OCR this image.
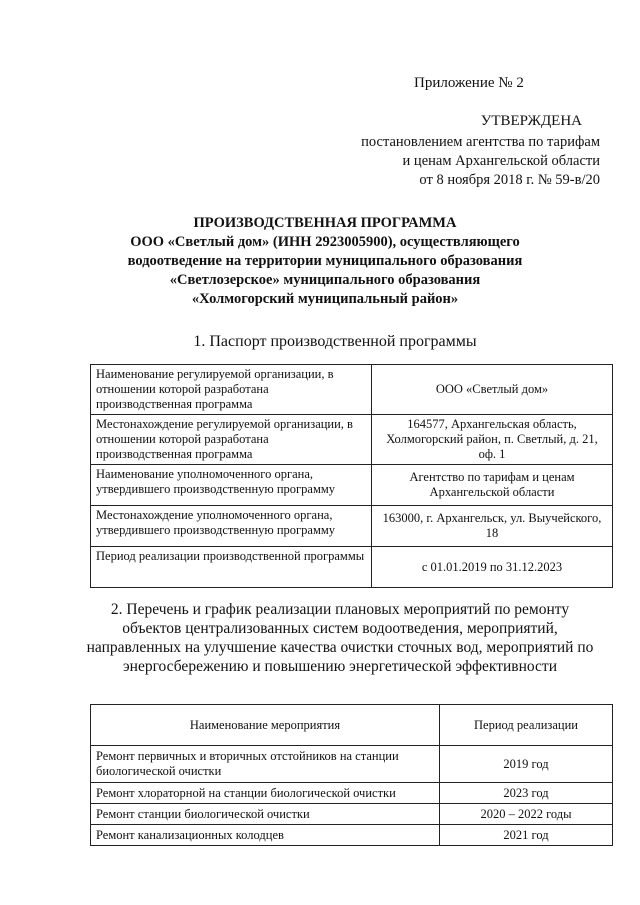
Приложение № 2
УТВЕРЖДЕНА
постановлением агентства по тарифам
и ценам Архангельской области
от 8 ноября 2018 г. № 59-в/20
ПРОИЗВОДСТВЕННАЯ ПРОГРАММА
ООО «Светлый дом» (ИНН 2923005900), осуществляющего
водоотведение на территории муниципального образования
«Светлозерское» муниципального образования
«Холмогорский муниципальный район»
1. Паспорт производственной программы
Наименование регулируемой организации, в отношении которой разработана производственная программа	ООО «Светлый дом»
Местонахождение регулируемой организации, в отношении которой разработана производственная программа	164577, Архангельская область, Холмогорский район, п. Светлый, д. 21, оф. 1
Наименование уполномоченного органа, утвердившего производственную программу	Агентство по тарифам и ценам Архангельской области
Местонахождение уполномоченного органа, утвердившего производственную программу	163000, г. Архангельск, ул. Выучейского, 18
Период реализации производственной программы	с 01.01.2019 по 31.12.2023
2. Перечень и график реализации плановых мероприятий по ремонту объектов централизованных систем водоотведения, мероприятий, направленных на улучшение качества очистки сточных вод, мероприятий по энергосбережению и повышению энергетической эффективности
Наименование мероприятия	Период реализации
Ремонт первичных и вторичных отстойников на станции биологической очистки	2019 год
Ремонт хлораторной на станции биологической очистки	2023 год
Ремонт станции биологической очистки	2020 – 2022 годы
Ремонт канализационных колодцев	2021 год
